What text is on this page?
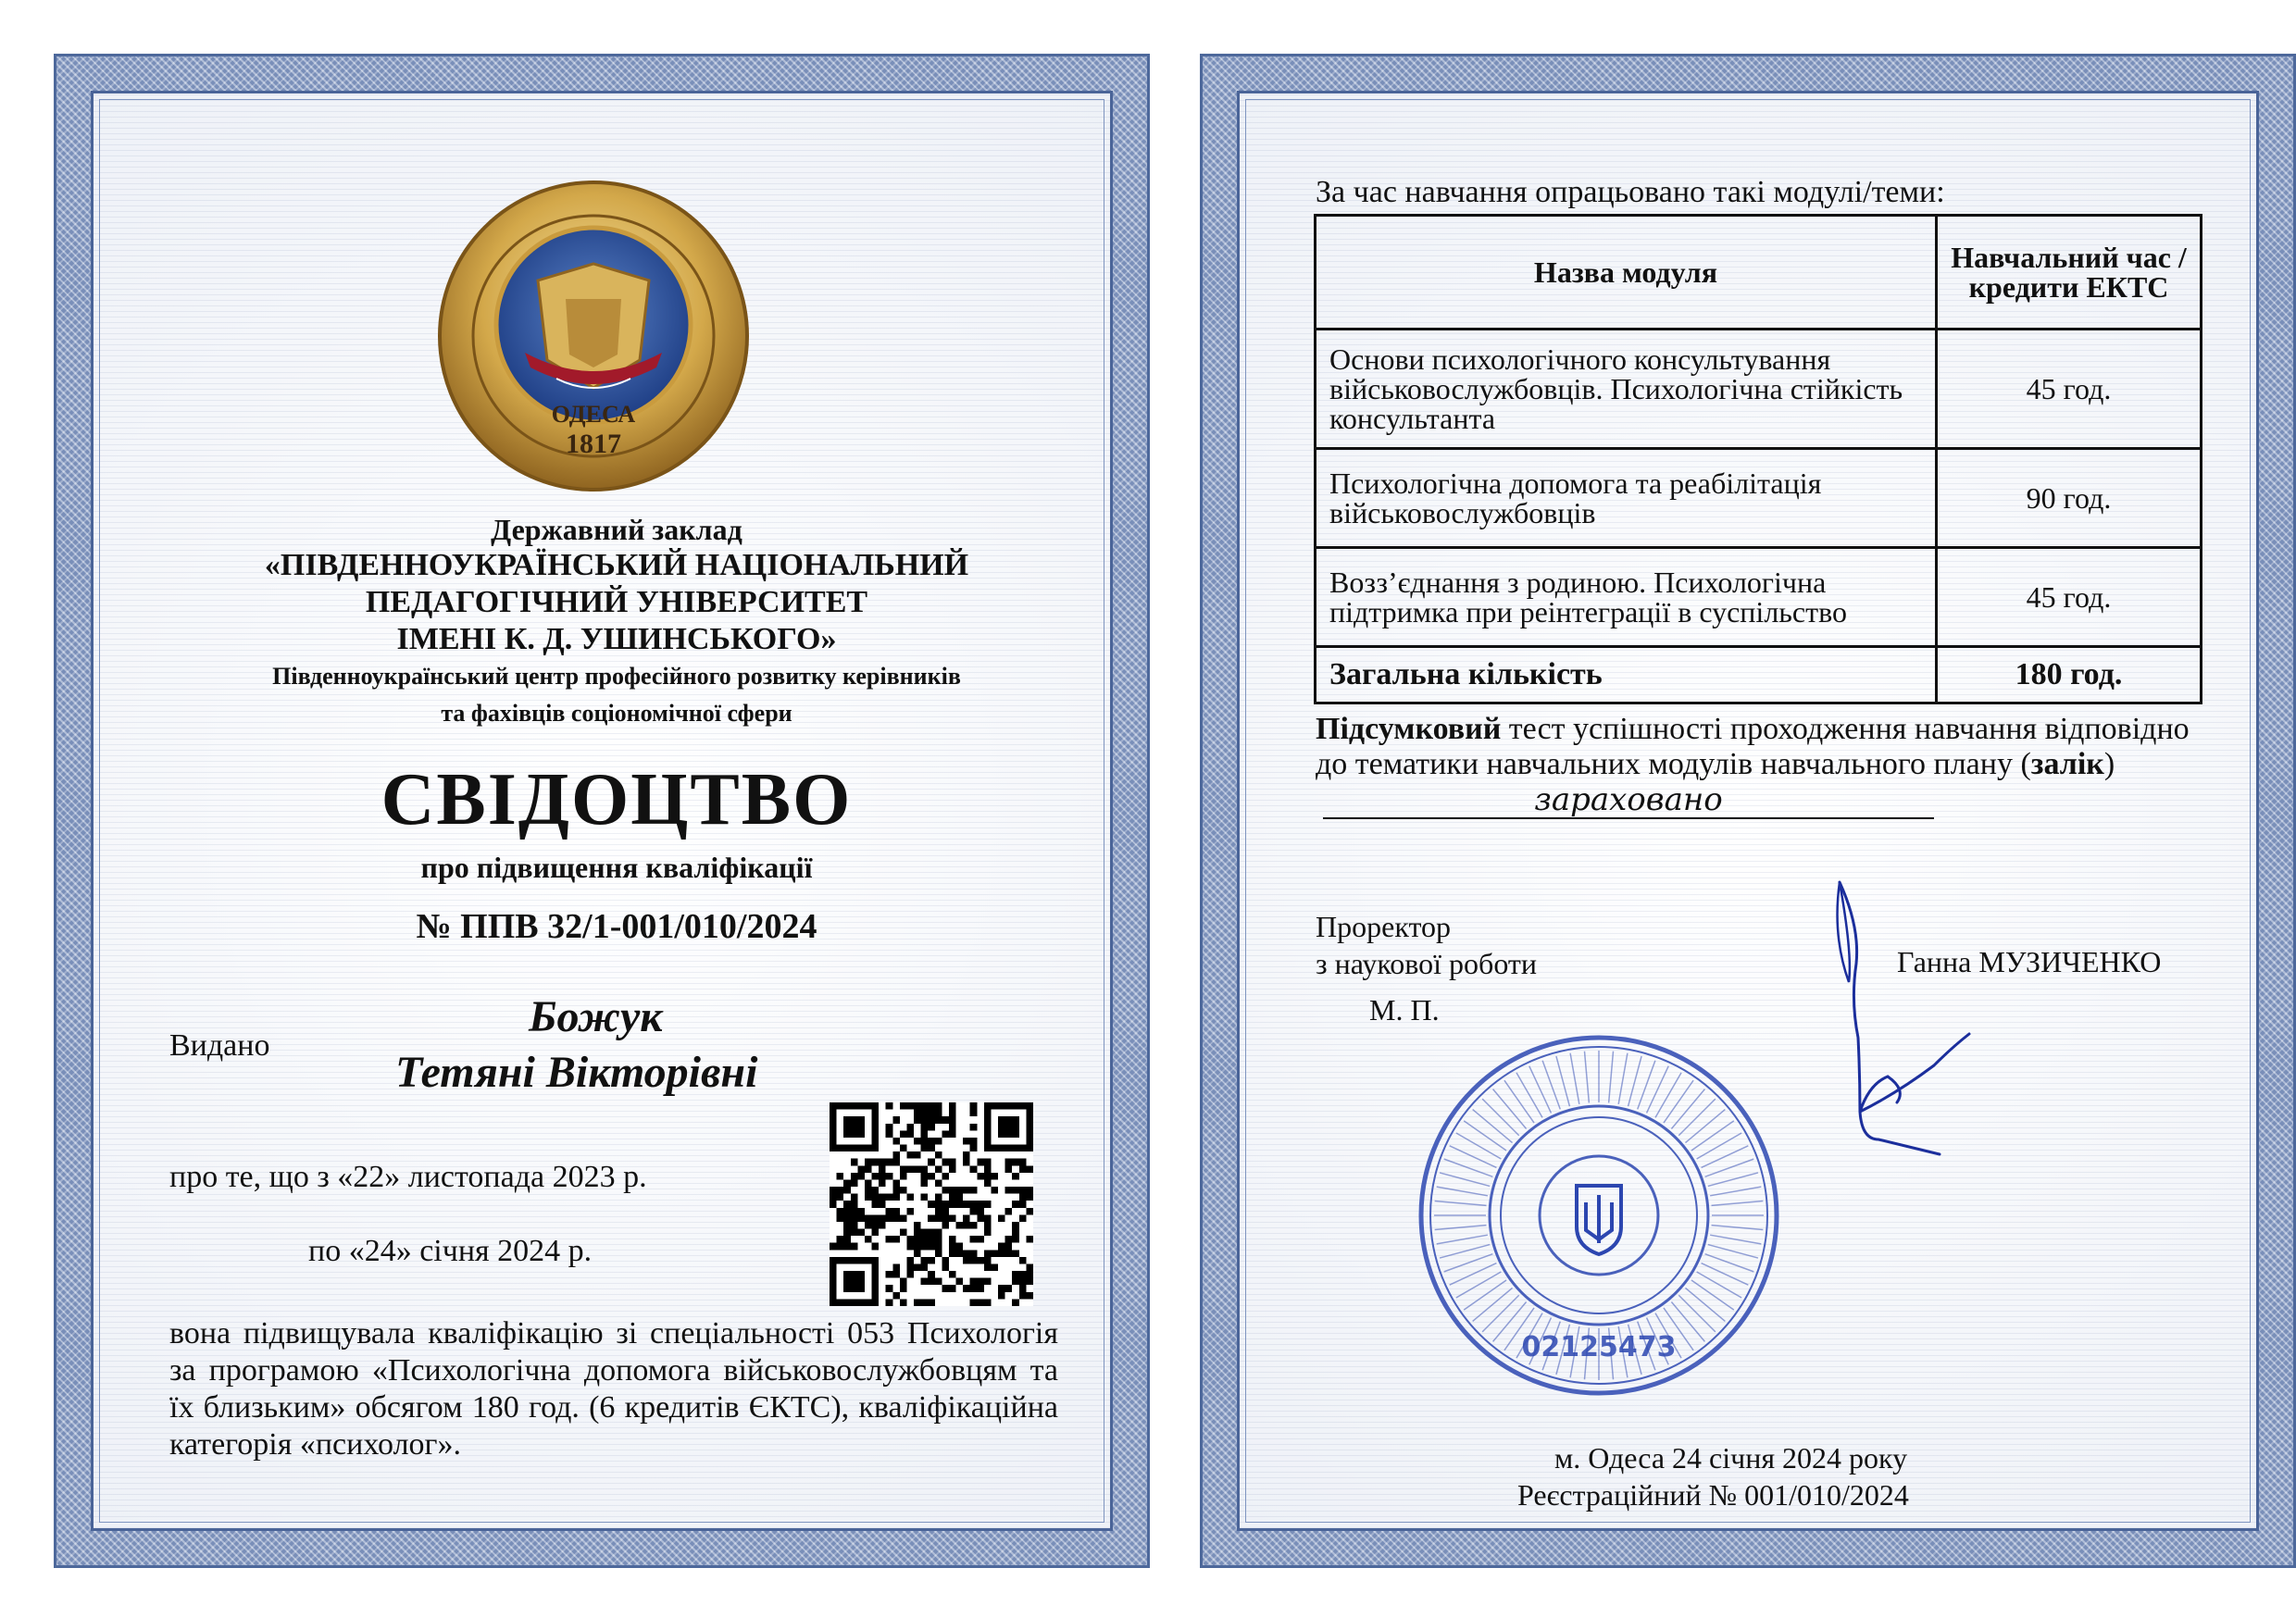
ОДЕСА
1817
Державний заклад
«ПІВДЕННОУКРАЇНСЬКИЙ НАЦІОНАЛЬНИЙ
ПЕДАГОГІЧНИЙ УНІВЕРСИТЕТ
ІМЕНІ К. Д. УШИНСЬКОГО»
Південноукраїнський центр професійного розвитку керівників
та фахівців соціономічної сфери
СВІДОЦТВО
про підвищення кваліфікації
№ ППВ 32/1-001/010/2024
Видано
Божук
Тетяні Вікторівні
про те, що з «22» листопада 2023 р.
по «24» січня 2024 р.
вона підвищувала кваліфікацію зі спеціальності 053 Психологія за програмою «Психологічна допомога військовослужбовцям та їх близьким» обсягом 180 год. (6 кредитів ЄКТС), кваліфікаційна категорія «психолог».
За час навчання опрацьовано такі модулі/теми:
Назва модуля	Навчальний час / кредити ЕКТС
Основи психологічного консультування військовослужбовців. Психологічна стійкість консультанта	45 год.
Психологічна допомога та реабілітація військовослужбовців	90 год.
Возз’єднання з родиною. Психологічна підтримка при реінтеграції в суспільство	45 год.
Загальна кількість	180 год.
Підсумковий тест успішності проходження навчання відповідно до тематики навчальних модулів навчального плану (залік)зараховано
Проректор
з наукової роботи	Ганна МУЗИЧЕНКО
М. П.
02125473
м. Одеса 24 січня 2024 року
Реєстраційний № 001/010/2024
